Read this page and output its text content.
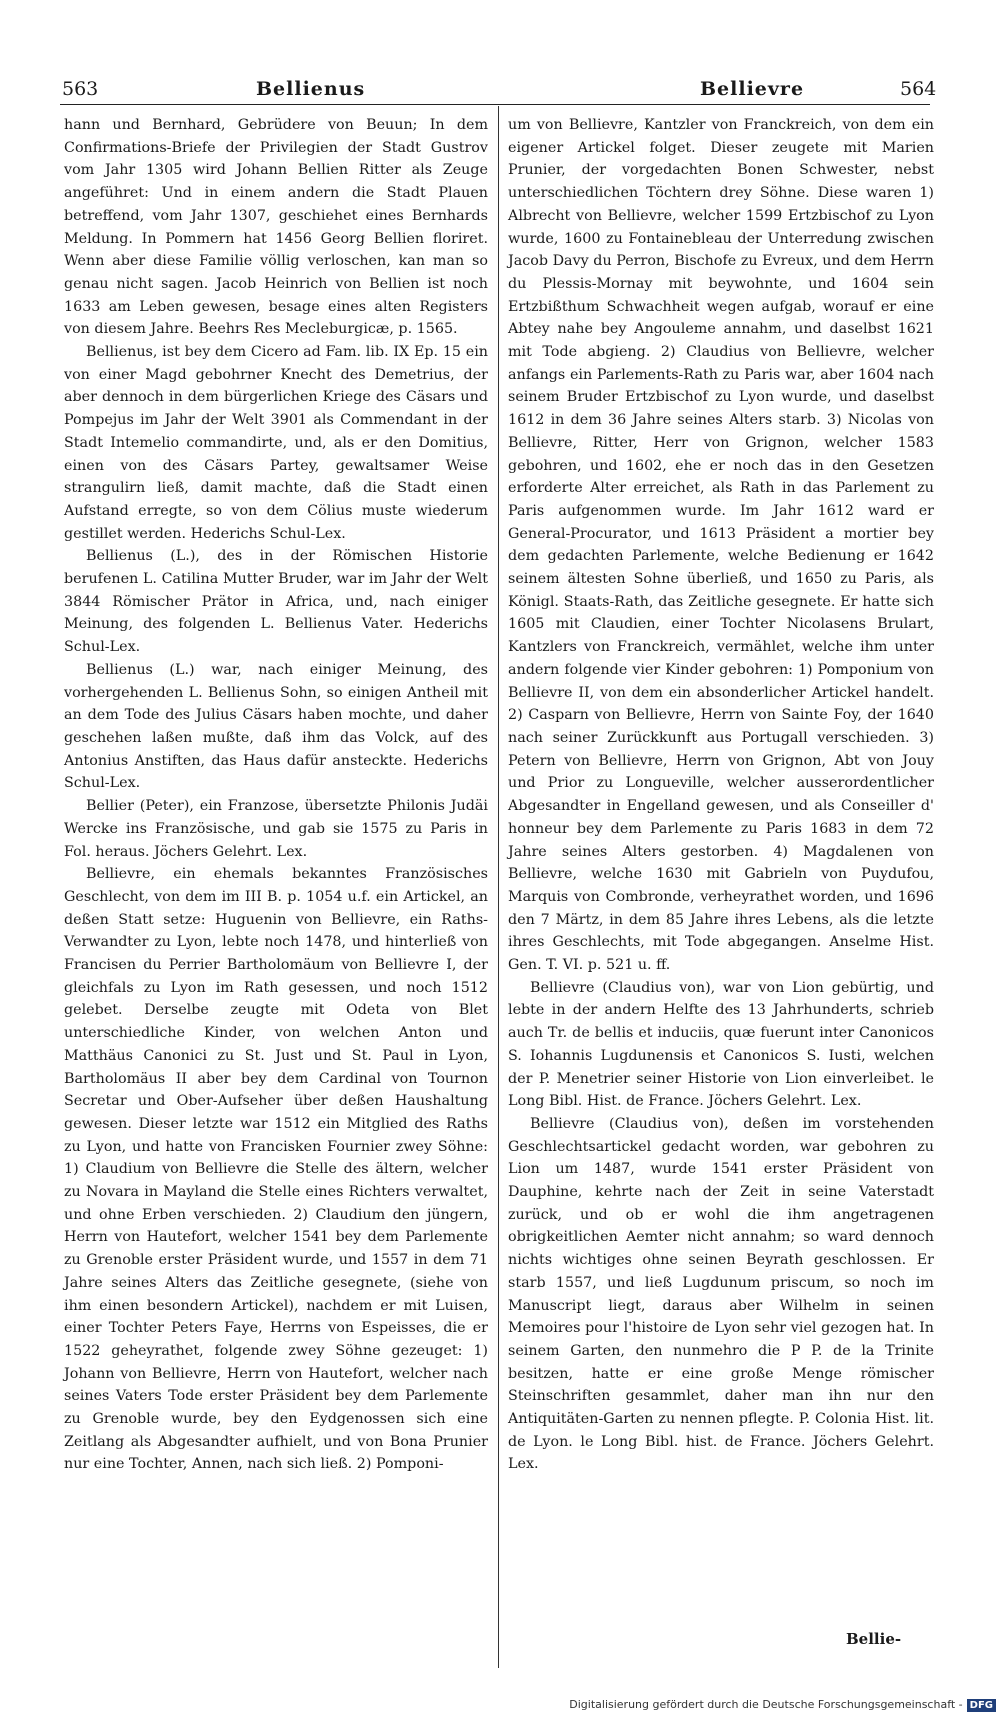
563	Bellienus	Bellievre	564

hann und Bernhard, Gebrüdere von Beuun; In dem Confirmations-Briefe der Privilegien der Stadt Gustrov vom Jahr 1305 wird Johann Bellien Ritter als Zeuge angeführet: Und in einem andern die Stadt Plauen betreffend, vom Jahr 1307, geschiehet eines Bernhards Meldung. In Pommern hat 1456 Georg Bellien floriret. Wenn aber diese Familie völlig verloschen, kan man so genau nicht sagen. Jacob Heinrich von Bellien ist noch 1633 am Leben gewesen, besage eines alten Registers von diesem Jahre. Beehrs Res Mecleburgicæ, p. 1565.

Bellienus, ist bey dem Cicero ad Fam. lib. IX Ep. 15 ein von einer Magd gebohrner Knecht des Demetrius, der aber dennoch in dem bürgerlichen Kriege des Cäsars und Pompejus im Jahr der Welt 3901 als Commendant in der Stadt Intemelio commandirte, und, als er den Domitius, einen von des Cäsars Partey, gewaltsamer Weise strangulirn ließ, damit machte, daß die Stadt einen Aufstand erregte, so von dem Cölius muste wiederum gestillet werden. Hederichs Schul-Lex.

Bellienus (L.), des in der Römischen Historie berufenen L. Catilina Mutter Bruder, war im Jahr der Welt 3844 Römischer Prätor in Africa, und, nach einiger Meinung, des folgenden L. Bellienus Vater. Hederichs Schul-Lex.

Bellienus (L.) war, nach einiger Meinung, des vorhergehenden L. Bellienus Sohn, so einigen Antheil mit an dem Tode des Julius Cäsars haben mochte, und daher geschehen laßen mußte, daß ihm das Volck, auf des Antonius Anstiften, das Haus dafür ansteckte. Hederichs Schul-Lex.

Bellier (Peter), ein Franzose, übersetzte Philonis Judäi Wercke ins Französische, und gab sie 1575 zu Paris in Fol. heraus. Jöchers Gelehrt. Lex.

Bellievre, ein ehemals bekanntes Französisches Geschlecht, von dem im III B. p. 1054 u.f. ein Artickel, an deßen Statt setze: Huguenin von Bellievre, ein Raths-Verwandter zu Lyon, lebte noch 1478, und hinterließ von Francisen du Perrier Bartholomäum von Bellievre I, der gleichfals zu Lyon im Rath gesessen, und noch 1512 gelebet. Derselbe zeugte mit Odeta von Blet unterschiedliche Kinder, von welchen Anton und Matthäus Canonici zu St. Just und St. Paul in Lyon, Bartholomäus II aber bey dem Cardinal von Tournon Secretar und Ober-Aufseher über deßen Haushaltung gewesen. Dieser letzte war 1512 ein Mitglied des Raths zu Lyon, und hatte von Francisken Fournier zwey Söhne: 1) Claudium von Bellievre die Stelle des ältern, welcher zu Novara in Mayland die Stelle eines Richters verwaltet, und ohne Erben verschieden. 2) Claudium den jüngern, Herrn von Hautefort, welcher 1541 bey dem Parlemente zu Grenoble erster Präsident wurde, und 1557 in dem 71 Jahre seines Alters das Zeitliche gesegnete, (siehe von ihm einen besondern Artickel), nachdem er mit Luisen, einer Tochter Peters Faye, Herrns von Espeisses, die er 1522 geheyrathet, folgende zwey Söhne gezeuget: 1) Johann von Bellievre, Herrn von Hautefort, welcher nach seines Vaters Tode erster Präsident bey dem Parlemente zu Grenoble wurde, bey den Eydgenossen sich eine Zeitlang als Abgesandter aufhielt, und von Bona Prunier nur eine Tochter, Annen, nach sich ließ. 2) Pomponi-

um von Bellievre, Kantzler von Franckreich, von dem ein eigener Artickel folget. Dieser zeugete mit Marien Prunier, der vorgedachten Bonen Schwester, nebst unterschiedlichen Töchtern drey Söhne. Diese waren 1) Albrecht von Bellievre, welcher 1599 Ertzbischof zu Lyon wurde, 1600 zu Fontainebleau der Unterredung zwischen Jacob Davy du Perron, Bischofe zu Evreux, und dem Herrn du Plessis-Mornay mit beywohnte, und 1604 sein Ertzbißthum Schwachheit wegen aufgab, worauf er eine Abtey nahe bey Angouleme annahm, und daselbst 1621 mit Tode abgieng. 2) Claudius von Bellievre, welcher anfangs ein Parlements-Rath zu Paris war, aber 1604 nach seinem Bruder Ertzbischof zu Lyon wurde, und daselbst 1612 in dem 36 Jahre seines Alters starb. 3) Nicolas von Bellievre, Ritter, Herr von Grignon, welcher 1583 gebohren, und 1602, ehe er noch das in den Gesetzen erforderte Alter erreichet, als Rath in das Parlement zu Paris aufgenommen wurde. Im Jahr 1612 ward er General-Procurator, und 1613 Präsident a mortier bey dem gedachten Parlemente, welche Bedienung er 1642 seinem ältesten Sohne überließ, und 1650 zu Paris, als Königl. Staats-Rath, das Zeitliche gesegnete. Er hatte sich 1605 mit Claudien, einer Tochter Nicolasens Brulart, Kantzlers von Franckreich, vermählet, welche ihm unter andern folgende vier Kinder gebohren: 1) Pomponium von Bellievre II, von dem ein absonderlicher Artickel handelt. 2) Casparn von Bellievre, Herrn von Sainte Foy, der 1640 nach seiner Zurückkunft aus Portugall verschieden. 3) Petern von Bellievre, Herrn von Grignon, Abt von Jouy und Prior zu Longueville, welcher ausserordentlicher Abgesandter in Engelland gewesen, und als Conseiller d' honneur bey dem Parlemente zu Paris 1683 in dem 72 Jahre seines Alters gestorben. 4) Magdalenen von Bellievre, welche 1630 mit Gabrieln von Puydufou, Marquis von Combronde, verheyrathet worden, und 1696 den 7 Märtz, in dem 85 Jahre ihres Lebens, als die letzte ihres Geschlechts, mit Tode abgegangen. Anselme Hist. Gen. T. VI. p. 521 u. ff.

Bellievre (Claudius von), war von Lion gebürtig, und lebte in der andern Helfte des 13 Jahrhunderts, schrieb auch Tr. de bellis et induciis, quæ fuerunt inter Canonicos S. Iohannis Lugdunensis et Canonicos S. Iusti, welchen der P. Menetrier seiner Historie von Lion einverleibet. le Long Bibl. Hist. de France. Jöchers Gelehrt. Lex.

Bellievre (Claudius von), deßen im vorstehenden Geschlechtsartickel gedacht worden, war gebohren zu Lion um 1487, wurde 1541 erster Präsident von Dauphine, kehrte nach der Zeit in seine Vaterstadt zurück, und ob er wohl die ihm angetragenen obrigkeitlichen Aemter nicht annahm; so ward dennoch nichts wichtiges ohne seinen Beyrath geschlossen. Er starb 1557, und ließ Lugdunum priscum, so noch im Manuscript liegt, daraus aber Wilhelm in seinen Memoires pour l'histoire de Lyon sehr viel gezogen hat. In seinem Garten, den nunmehro die P P. de la Trinite besitzen, hatte er eine große Menge römischer Steinschriften gesammlet, daher man ihn nur den Antiquitäten-Garten zu nennen pflegte. P. Colonia Hist. lit. de Lyon. le Long Bibl. hist. de France. Jöchers Gelehrt. Lex.

Bellie-
Digitalisierung gefördert durch die Deutsche Forschungsgemeinschaft - DFG
